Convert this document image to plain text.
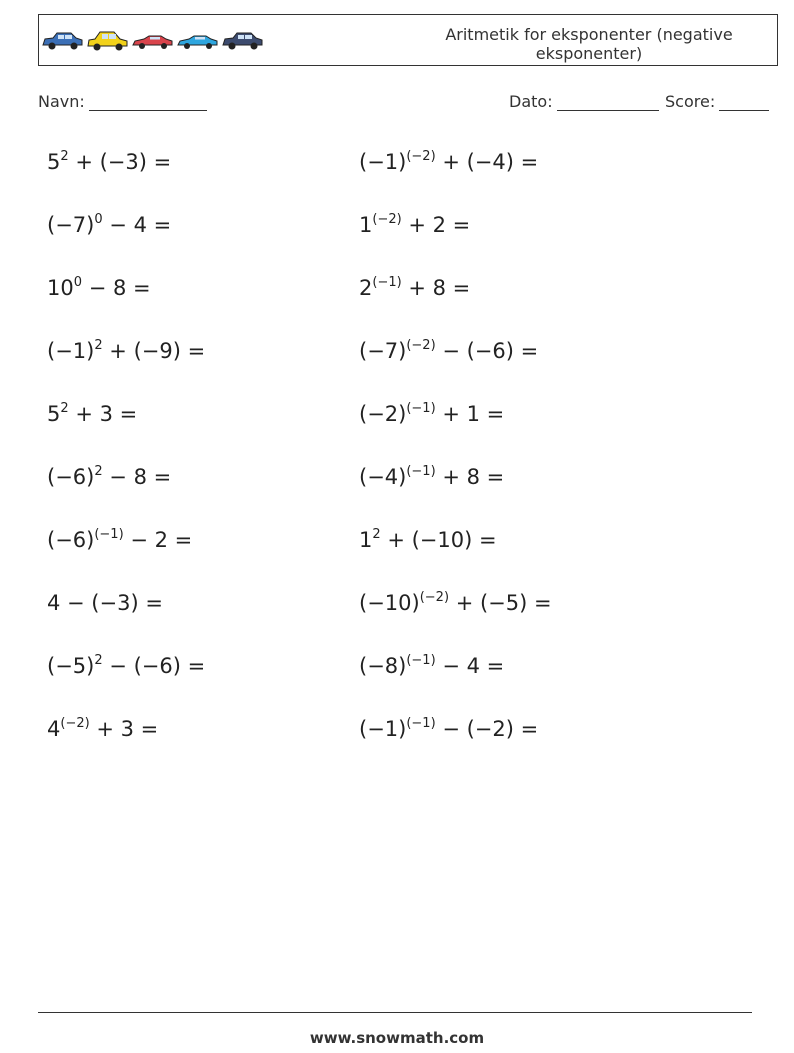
Aritmetik for eksponenter (negative eksponenter)
Navn:	Dato:	Score:
$5^2 + (-3)$ =	$(-1)^{(-2)} + (-4)$ =
$(-7)^0 - 4$ =	$1^{(-2)} + 2$ =
$10^0 - 8$ =	$2^{(-1)} + 8$ =
$(-1)^2 + (-9)$ =	$(-7)^{(-2)} - (-6)$ =
$5^2 + 3$ =	$(-2)^{(-1)} + 1$ =
$(-6)^2 - 8$ =	$(-4)^{(-1)} + 8$ =
$(-6)^{(-1)} - 2$ =	$1^2 + (-10)$ =
4 − (−3) =	$(-10)^{(-2)} + (-5)$ =
$(-5)^2 - (-6)$ =	$(-8)^{(-1)} - 4$ =
$4^{(-2)} + 3$ =	$(-1)^{(-1)} - (-2)$ =
www.snowmath.com
